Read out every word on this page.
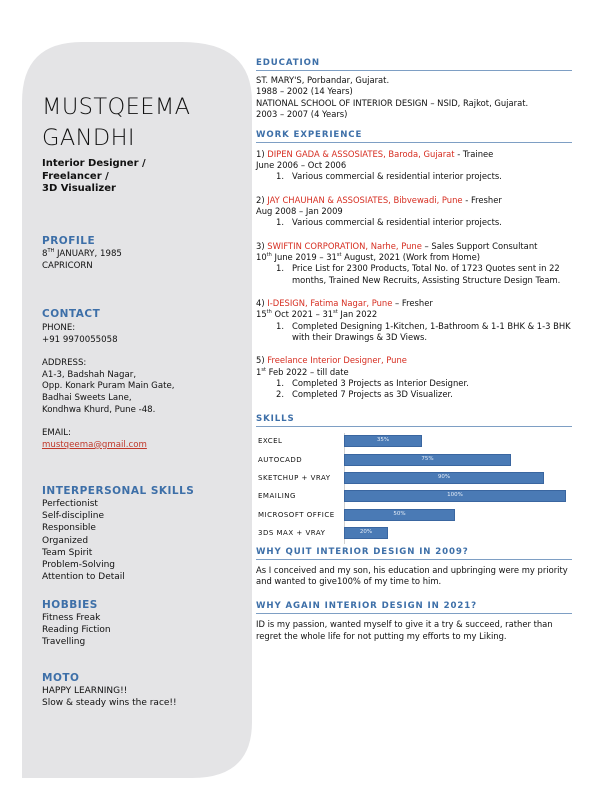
MUSTQEEMA
GANDHI
Interior Designer /
Freelancer /
3D Visualizer
PROFILE
8TH JANUARY, 1985
CAPRICORN
CONTACT
PHONE:
+91 9970055058
ADDRESS:
A1-3, Badshah Nagar,
Opp. Konark Puram Main Gate,
Badhai Sweets Lane,
Kondhwa Khurd, Pune -48.
EMAIL:
mustqeema@gmail.com
INTERPERSONAL SKILLS
Perfectionist
Self-discipline
Responsible
Organized
Team Spirit
Problem-Solving
Attention to Detail
HOBBIES
Fitness Freak
Reading Fiction
Travelling
MOTO
HAPPY LEARNING!!
Slow & steady wins the race!!
EDUCATION
ST. MARY'S, Porbandar, Gujarat.
1988 – 2002 (14 Years)
NATIONAL SCHOOL OF INTERIOR DESIGN – NSID, Rajkot, Gujarat.
2003 – 2007 (4 Years)
WORK EXPERIENCE
1) DIPEN GADA & ASSOSIATES, Baroda, Gujarat - Trainee
June 2006 – Oct 2006
1. Various commercial & residential interior projects.
2) JAY CHAUHAN & ASSOSIATES, Bibvewadi, Pune - Fresher
Aug 2008 – Jan 2009
1. Various commercial & residential interior projects.
3) SWIFTIN CORPORATION, Narhe, Pune – Sales Support Consultant
10th June 2019 – 31st August, 2021 (Work from Home)
1. Price List for 2300 Products, Total No. of 1723 Quotes sent in 22 months, Trained New Recruits, Assisting Structure Design Team.
4) I-DESIGN, Fatima Nagar, Pune – Fresher
15th Oct 2021 – 31st Jan 2022
1. Completed Designing 1-Kitchen, 1-Bathroom & 1-1 BHK & 1-3 BHK with their Drawings & 3D Views.
5) Freelance Interior Designer, Pune
1st Feb 2022 – till date
1. Completed 3 Projects as Interior Designer.
2. Completed 7 Projects as 3D Visualizer.
SKILLS
EXCEL	35%
AUTOCADD	75%
SKETCHUP + VRAY	90%
EMAILING	100%
MICROSOFT OFFICE	50%
3DS MAX + VRAY	20%
WHY QUIT INTERIOR DESIGN IN 2009?
As I conceived and my son, his education and upbringing were my priority and wanted to give100% of my time to him.
WHY AGAIN INTERIOR DESIGN IN 2021?
ID is my passion, wanted myself to give it a try & succeed, rather than regret the whole life for not putting my efforts to my Liking.
